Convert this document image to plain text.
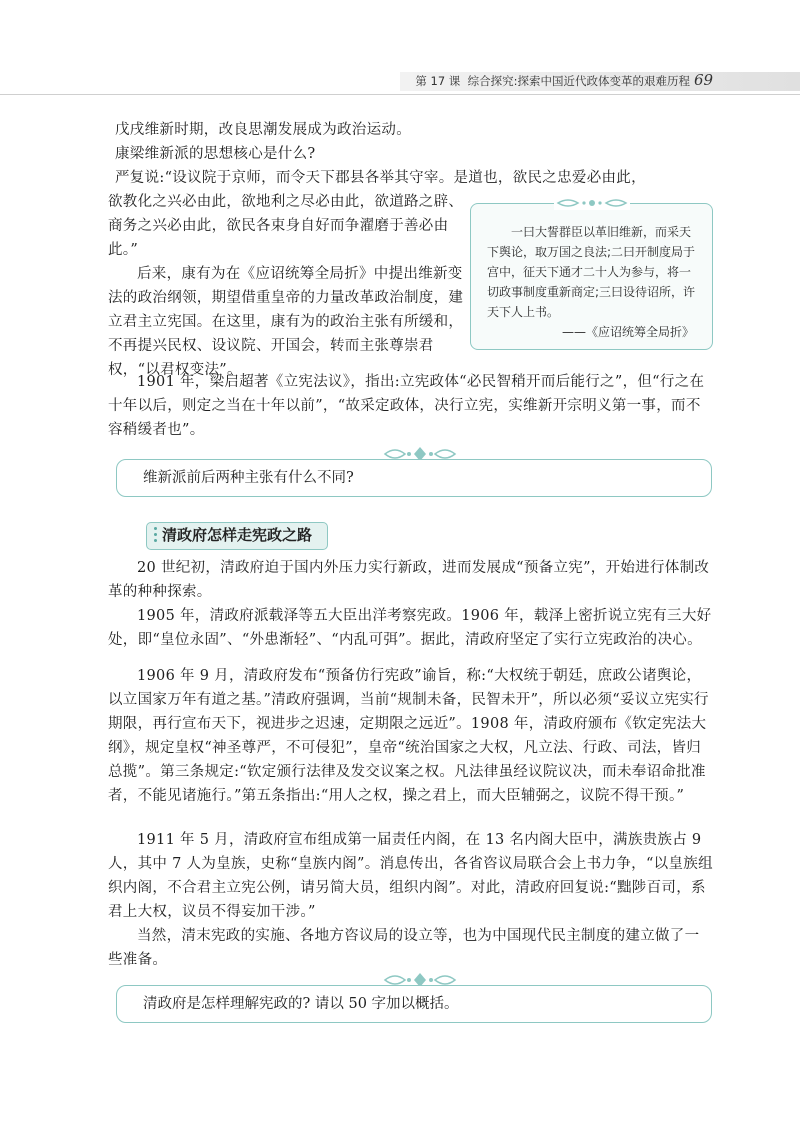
第 17 课 综合探究:探索中国近代政体变革的艰难历程 69

戊戌维新时期，改良思潮发展成为政治运动。

康梁维新派的思想核心是什么?

严复说:“设议院于京师，而令天下郡县各举其守宰。是道也，欲民之忠爱必由此，

欲教化之兴必由此，欲地利之尽必由此，欲道路之辟、商务之兴必由此，欲民各束身自好而争濯磨于善必由此。”

后来，康有为在《应诏统筹全局折》中提出维新变法的政治纲领，期望借重皇帝的力量改革政治制度，建立君主立宪国。在这里，康有为的政治主张有所缓和，不再提兴民权、设议院、开国会，转而主张尊崇君权，“以君权变法”。

1901 年，梁启超著《立宪法议》，指出:立宪政体“必民智稍开而后能行之”，但“行之在十年以后，则定之当在十年以前”，“故采定政体，决行立宪，实维新开宗明义第一事，而不容稍缓者也”。

一曰大誓群臣以革旧维新，而采天下舆论，取万国之良法;二曰开制度局于宫中，征天下通才二十人为参与，将一切政事制度重新商定;三曰设待诏所，许天下人上书。

——《应诏统筹全局折》

维新派前后两种主张有什么不同?
清政府怎样走宪政之路

20 世纪初，清政府迫于国内外压力实行新政，进而发展成“预备立宪”，开始进行体制改革的种种探索。

1905 年，清政府派载泽等五大臣出洋考察宪政。1906 年，载泽上密折说立宪有三大好处，即“皇位永固”、“外患渐轻”、“内乱可弭”。据此，清政府坚定了实行立宪政治的决心。

1906 年 9 月，清政府发布“预备仿行宪政”谕旨，称:“大权统于朝廷，庶政公诸舆论，以立国家万年有道之基。”清政府强调，当前“规制未备，民智未开”，所以必须“妥议立宪实行期限，再行宣布天下，视进步之迟速，定期限之远近”。1908 年，清政府颁布《钦定宪法大纲》，规定皇权“神圣尊严，不可侵犯”，皇帝“统治国家之大权，凡立法、行政、司法，皆归总揽”。第三条规定:“钦定颁行法律及发交议案之权。凡法律虽经议院议决，而未奉诏命批准者，不能见诸施行。”第五条指出:“用人之权，操之君上，而大臣辅弼之，议院不得干预。”

1911 年 5 月，清政府宣布组成第一届责任内阁，在 13 名内阁大臣中，满族贵族占 9 人，其中 7 人为皇族，史称“皇族内阁”。消息传出，各省咨议局联合会上书力争，“以皇族组织内阁，不合君主立宪公例，请另简大员，组织内阁”。对此，清政府回复说:“黜陟百司，系君上大权，议员不得妄加干涉。”

当然，清末宪政的实施、各地方咨议局的设立等，也为中国现代民主制度的建立做了一些准备。

清政府是怎样理解宪政的? 请以 50 字加以概括。
